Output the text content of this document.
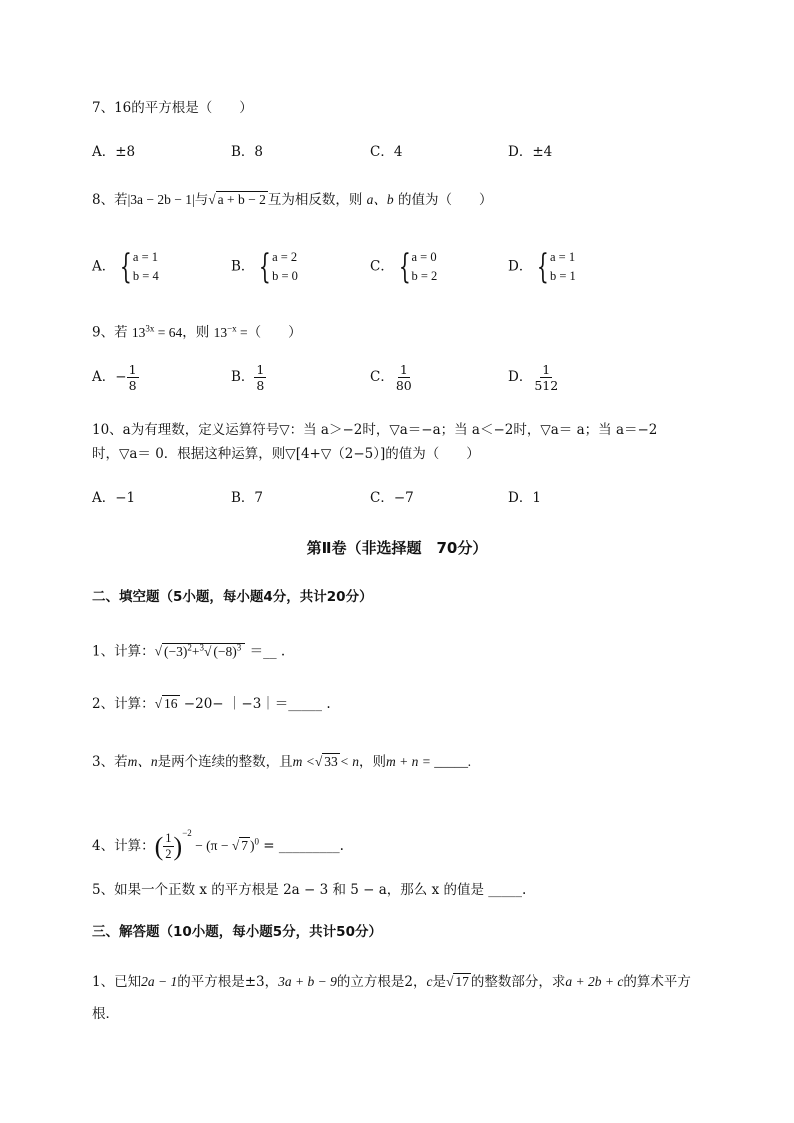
7、16的平方根是（　　）
A．±8	B．8	C．4	D．±4
8、若|3a − 2b − 1|与√ a + b − 2 互为相反数，则 a、b 的值为（　　）
A． { a = 1
b = 4
B． { a = 2
b = 0
C． { a = 0
b = 2
D． { a = 1
b = 1
9、若 $13^{3x} = 64$，则 $13^{-x}$ =（　　）
A．− $\frac{1}{8}$	B． $\frac{1}{8}$	C． $\frac{1}{80}$	D． $\frac{1}{512}$
10、a为有理数，定义运算符号▽：当 a＞−2时，▽a＝−a；当 a＜−2时，▽a＝ a；当 a＝−2
时，▽a＝ 0．根据这种运算，则▽[4+▽（2−5）]的值为（　　）
A．−1	B．7	C．−7	D．1
第Ⅱ卷（非选择题　70分）
二、填空题（5小题，每小题4分，共计20分）
1、计算：√ $(-3)^2+^3√$ $(-8)^3$ ＝__ .
2、计算：√ 16 −20− ｜−3｜＝_____ .
3、若m、n是两个连续的整数，且m <√ 33 < n，则m + n = _____.
4、计算：( $\frac{1}{2} )^{-2} - (\pi$ − √ 7 )$^0$ = _________.
5、如果一个正数 x 的平方根是 2a − 3 和 5 − a，那么 x 的值是 _____.
三、解答题（10小题，每小题5分，共计50分）
1、已知2a − 1的平方根是±3，3a + b − 9的立方根是2，c是√ 17 的整数部分，求a + 2b + c的算术平方
根．
